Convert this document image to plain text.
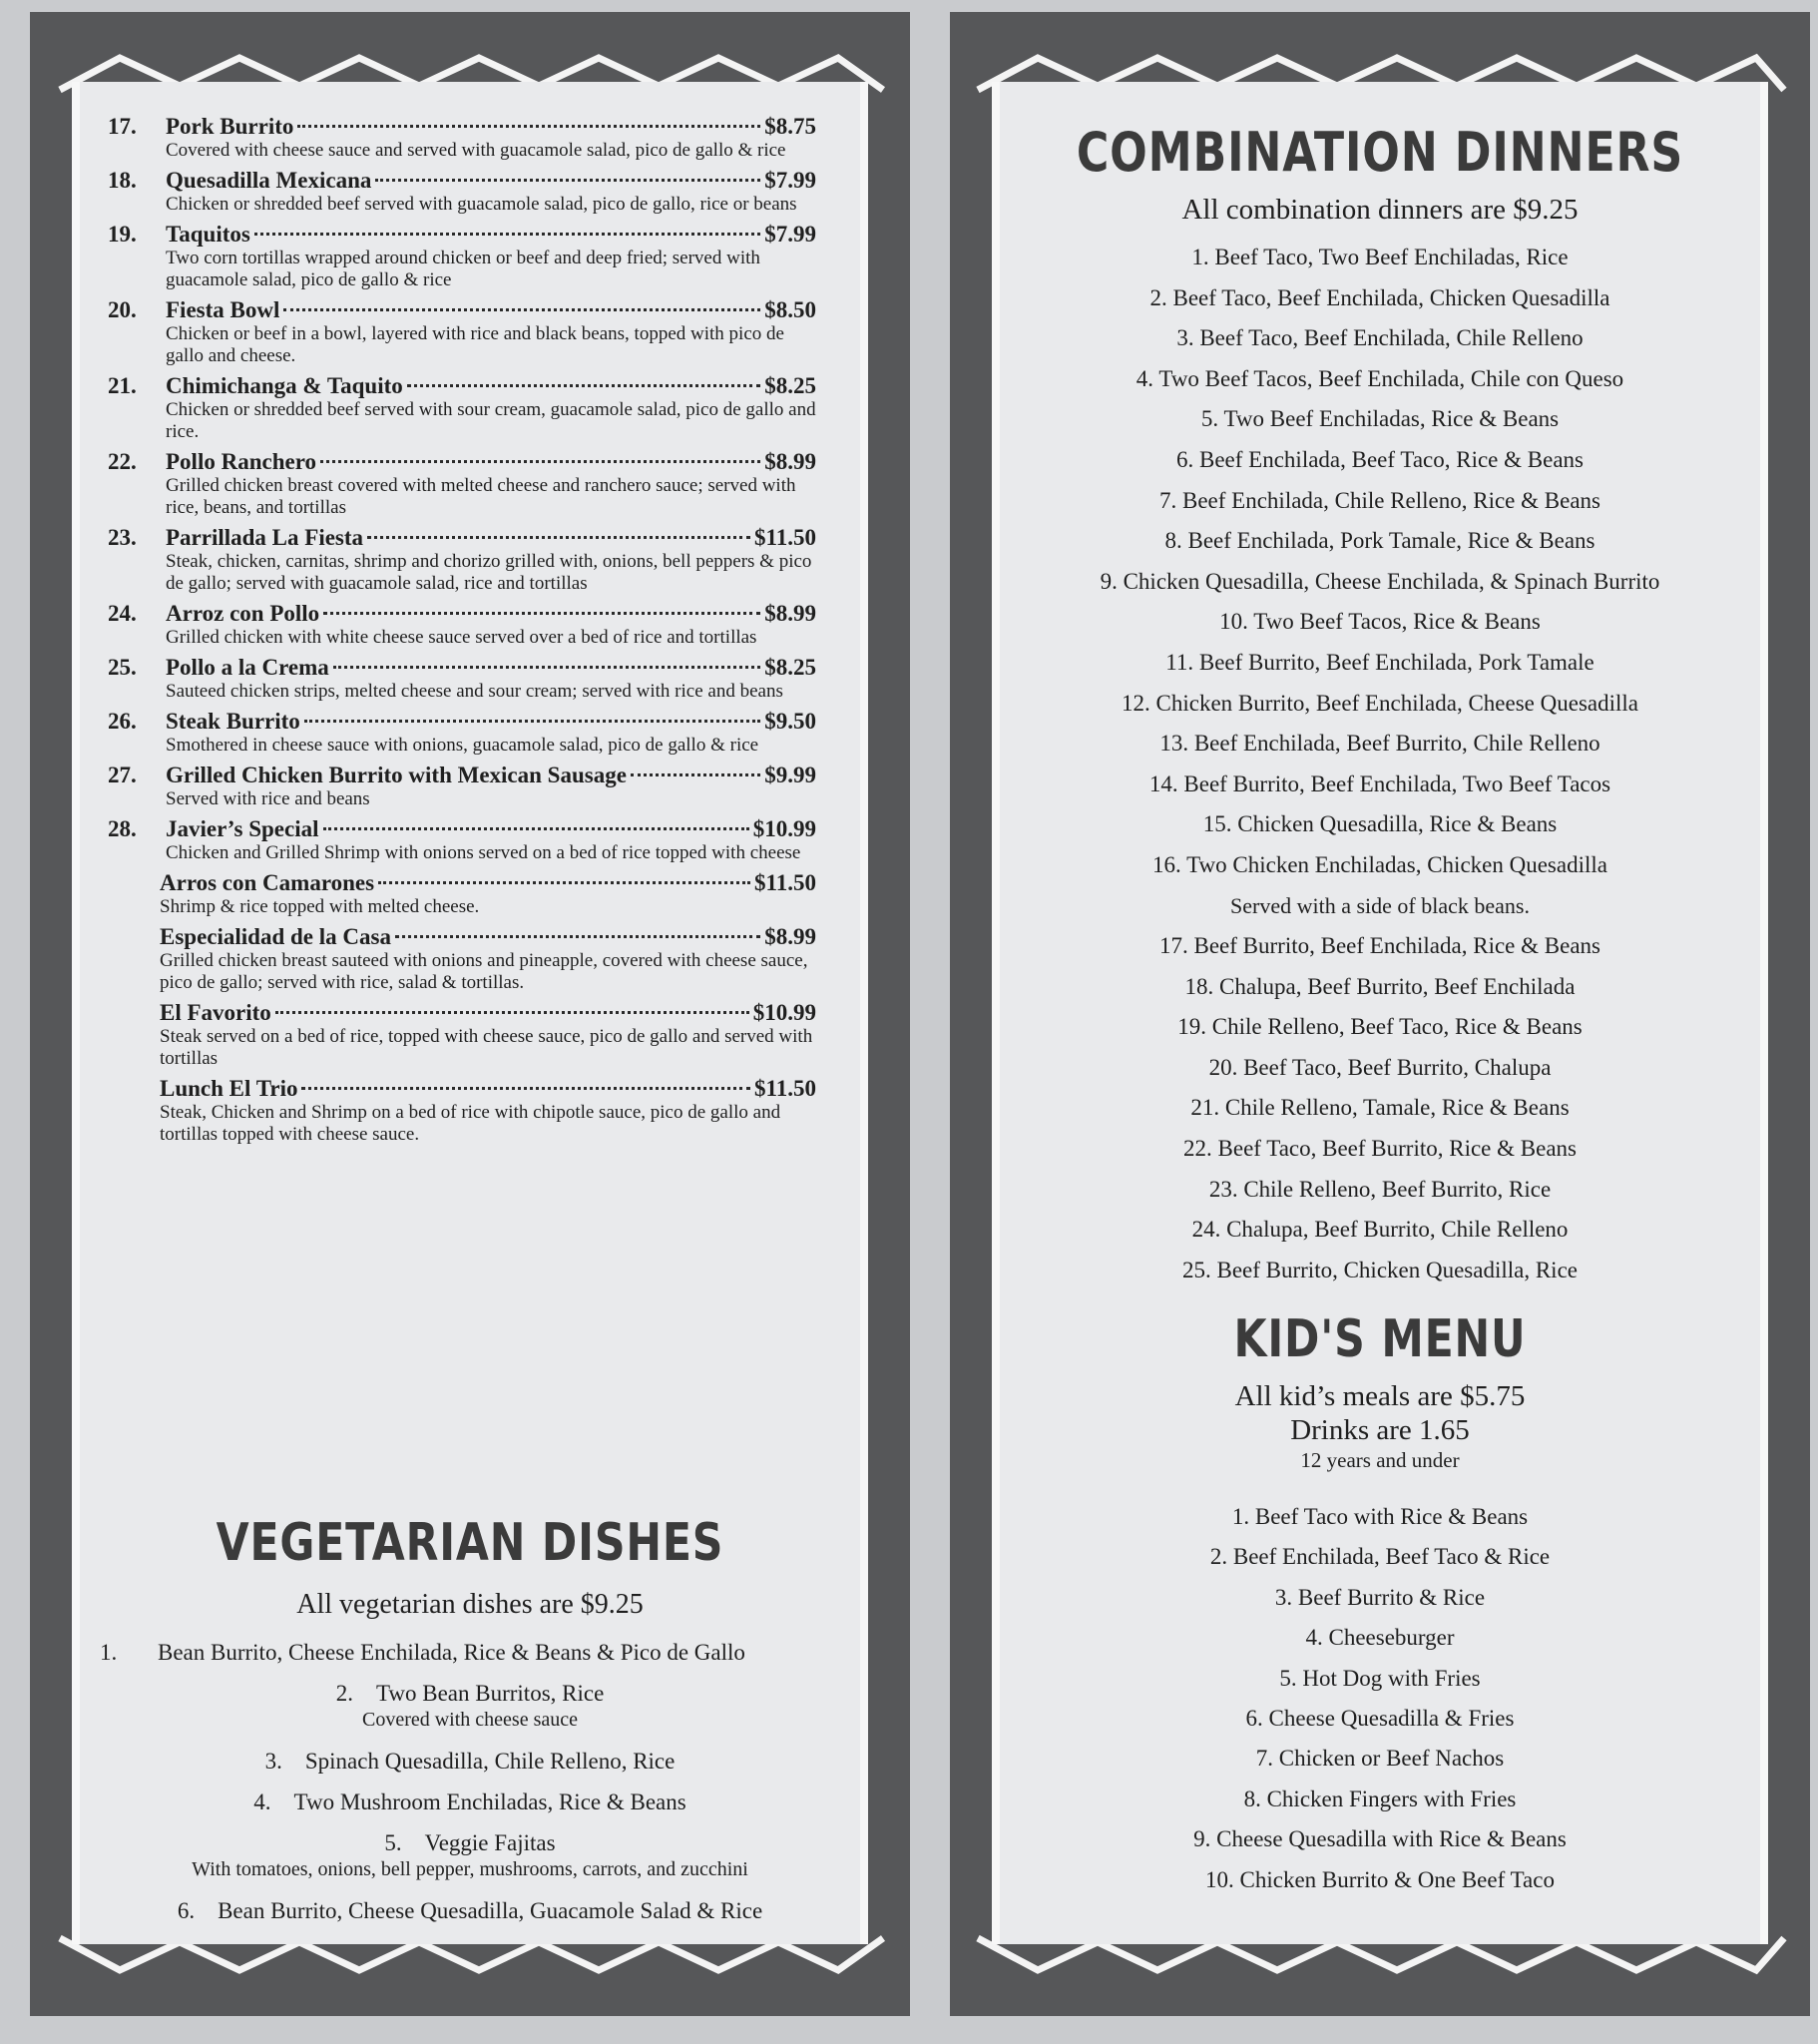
17.	Pork Burrito	$8.75
Covered with cheese sauce and served with guacamole salad, pico de gallo & rice
18.	Quesadilla Mexicana	$7.99
Chicken or shredded beef served with guacamole salad, pico de gallo, rice or beans
19.	Taquitos	$7.99
Two corn tortillas wrapped around chicken or beef and deep fried; served with guacamole salad, pico de gallo & rice
20.	Fiesta Bowl	$8.50
Chicken or beef in a bowl, layered with rice and black beans, topped with pico de gallo and cheese.
21.	Chimichanga & Taquito	$8.25
Chicken or shredded beef served with sour cream, guacamole salad, pico de gallo and rice.
22.	Pollo Ranchero	$8.99
Grilled chicken breast covered with melted cheese and ranchero sauce; served with rice, beans, and tortillas
23.	Parrillada La Fiesta	$11.50
Steak, chicken, carnitas, shrimp and chorizo grilled with, onions, bell peppers & pico de gallo; served with guacamole salad, rice and tortillas
24.	Arroz con Pollo	$8.99
Grilled chicken with white cheese sauce served over a bed of rice and tortillas
25.	Pollo a la Crema	$8.25
Sauteed chicken strips, melted cheese and sour cream; served with rice and beans
26.	Steak Burrito	$9.50
Smothered in cheese sauce with onions, guacamole salad, pico de gallo & rice
27.	Grilled Chicken Burrito with Mexican Sausage	$9.99
Served with rice and beans
28.	Javier’s Special	$10.99
Chicken and Grilled Shrimp with onions served on a bed of rice topped with cheese
Arros con Camarones	$11.50
Shrimp & rice topped with melted cheese.
Especialidad de la Casa	$8.99
Grilled chicken breast sauteed with onions and pineapple, covered with cheese sauce, pico de gallo; served with rice, salad & tortillas.
El Favorito	$10.99
Steak served on a bed of rice, topped with cheese sauce, pico de gallo and served with tortillas
Lunch El Trio	$11.50
Steak, Chicken and Shrimp on a bed of rice with chipotle sauce, pico de gallo and tortillas topped with cheese sauce.
VEGETARIAN DISHES
All vegetarian dishes are $9.25
1. Bean Burrito, Cheese Enchilada, Rice & Beans & Pico de Gallo
2. Two Bean Burritos, Rice
Covered with cheese sauce
3. Spinach Quesadilla, Chile Relleno, Rice
4. Two Mushroom Enchiladas, Rice & Beans
5. Veggie Fajitas
With tomatoes, onions, bell pepper, mushrooms, carrots, and zucchini
6. Bean Burrito, Cheese Quesadilla, Guacamole Salad & Rice
COMBINATION DINNERS
All combination dinners are $9.25
1. Beef Taco, Two Beef Enchiladas, Rice
2. Beef Taco, Beef Enchilada, Chicken Quesadilla
3. Beef Taco, Beef Enchilada, Chile Relleno
4. Two Beef Tacos, Beef Enchilada, Chile con Queso
5. Two Beef Enchiladas, Rice & Beans
6. Beef Enchilada, Beef Taco, Rice & Beans
7. Beef Enchilada, Chile Relleno, Rice & Beans
8. Beef Enchilada, Pork Tamale, Rice & Beans
9. Chicken Quesadilla, Cheese Enchilada, & Spinach Burrito
10. Two Beef Tacos, Rice & Beans
11. Beef Burrito, Beef Enchilada, Pork Tamale
12. Chicken Burrito, Beef Enchilada, Cheese Quesadilla
13. Beef Enchilada, Beef Burrito, Chile Relleno
14. Beef Burrito, Beef Enchilada, Two Beef Tacos
15. Chicken Quesadilla, Rice & Beans
16. Two Chicken Enchiladas, Chicken Quesadilla
Served with a side of black beans.
17. Beef Burrito, Beef Enchilada, Rice & Beans
18. Chalupa, Beef Burrito, Beef Enchilada
19. Chile Relleno, Beef Taco, Rice & Beans
20. Beef Taco, Beef Burrito, Chalupa
21. Chile Relleno, Tamale, Rice & Beans
22. Beef Taco, Beef Burrito, Rice & Beans
23. Chile Relleno, Beef Burrito, Rice
24. Chalupa, Beef Burrito, Chile Relleno
25. Beef Burrito, Chicken Quesadilla, Rice
KID'S MENU
All kid’s meals are $5.75
Drinks are 1.65
12 years and under
1. Beef Taco with Rice & Beans
2. Beef Enchilada, Beef Taco & Rice
3. Beef Burrito & Rice
4. Cheeseburger
5. Hot Dog with Fries
6. Cheese Quesadilla & Fries
7. Chicken or Beef Nachos
8. Chicken Fingers with Fries
9. Cheese Quesadilla with Rice & Beans
10. Chicken Burrito & One Beef Taco
